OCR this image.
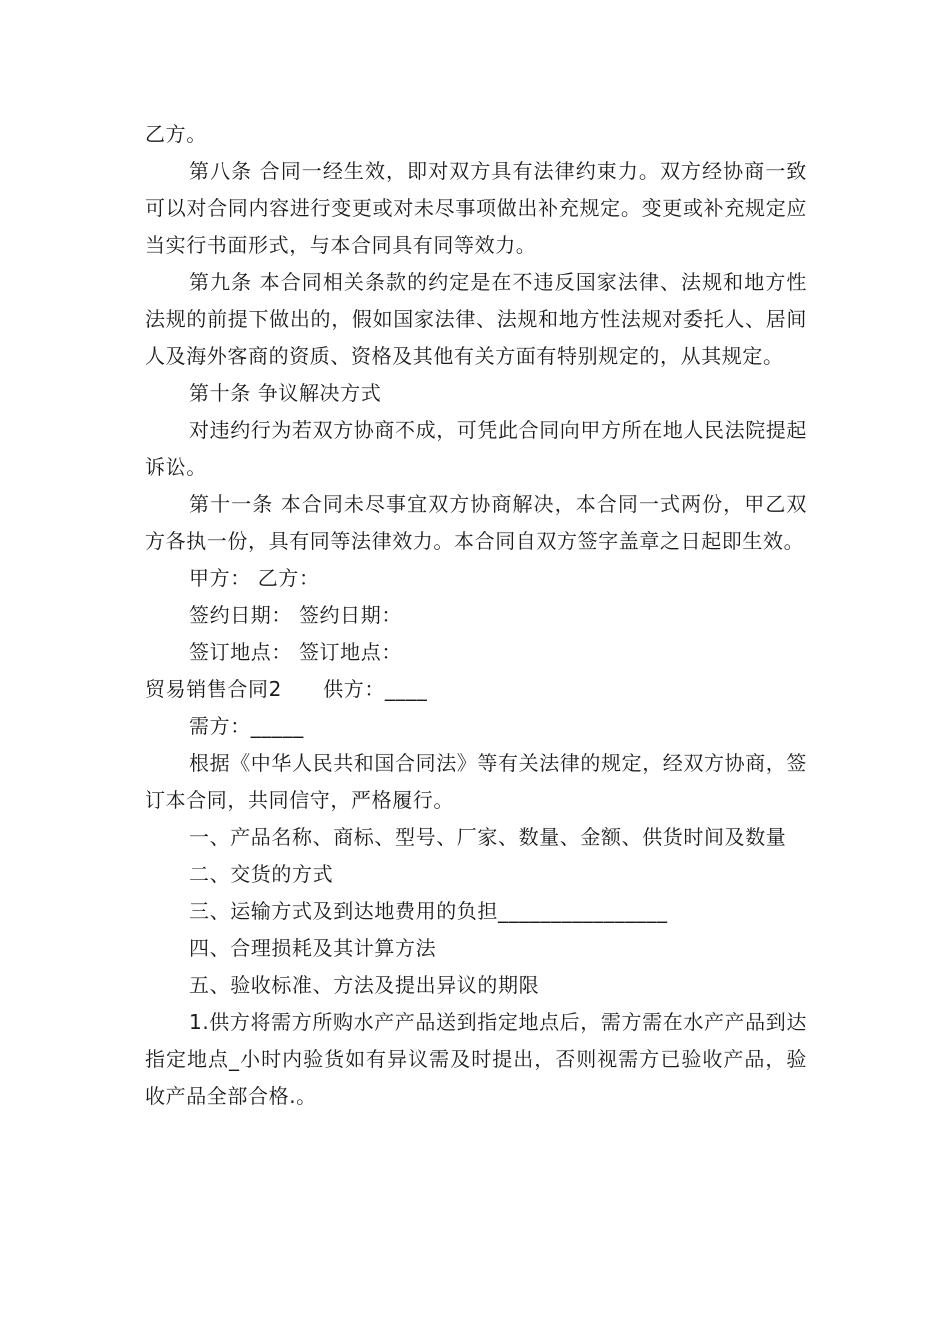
乙方。

第八条 合同一经生效，即对双方具有法律约束力。双方经协商一致可以对合同内容进行变更或对未尽事项做出补充规定。变更或补充规定应当实行书面形式，与本合同具有同等效力。

第九条 本合同相关条款的约定是在不违反国家法律、法规和地方性法规的前提下做出的，假如国家法律、法规和地方性法规对委托人、居间人及海外客商的资质、资格及其他有关方面有特别规定的，从其规定。

第十条 争议解决方式

对违约行为若双方协商不成，可凭此合同向甲方所在地人民法院提起诉讼。

第十一条 本合同未尽事宜双方协商解决，本合同一式两份，甲乙双方各执一份，具有同等法律效力。本合同自双方签字盖章之日起即生效。

甲方： 乙方：

签约日期： 签约日期：

签订地点： 签订地点：

贸易销售合同2　　供方：____

需方：_____

根据《中华人民共和国合同法》等有关法律的规定，经双方协商，签订本合同，共同信守，严格履行。

一、产品名称、商标、型号、厂家、数量、金额、供货时间及数量

二、交货的方式

三、运输方式及到达地费用的负担________________

四、合理损耗及其计算方法

五、验收标准、方法及提出异议的期限

1.供方将需方所购水产产品送到指定地点后，需方需在水产产品到达指定地点_小时内验货如有异议需及时提出，否则视需方已验收产品，验收产品全部合格.。
